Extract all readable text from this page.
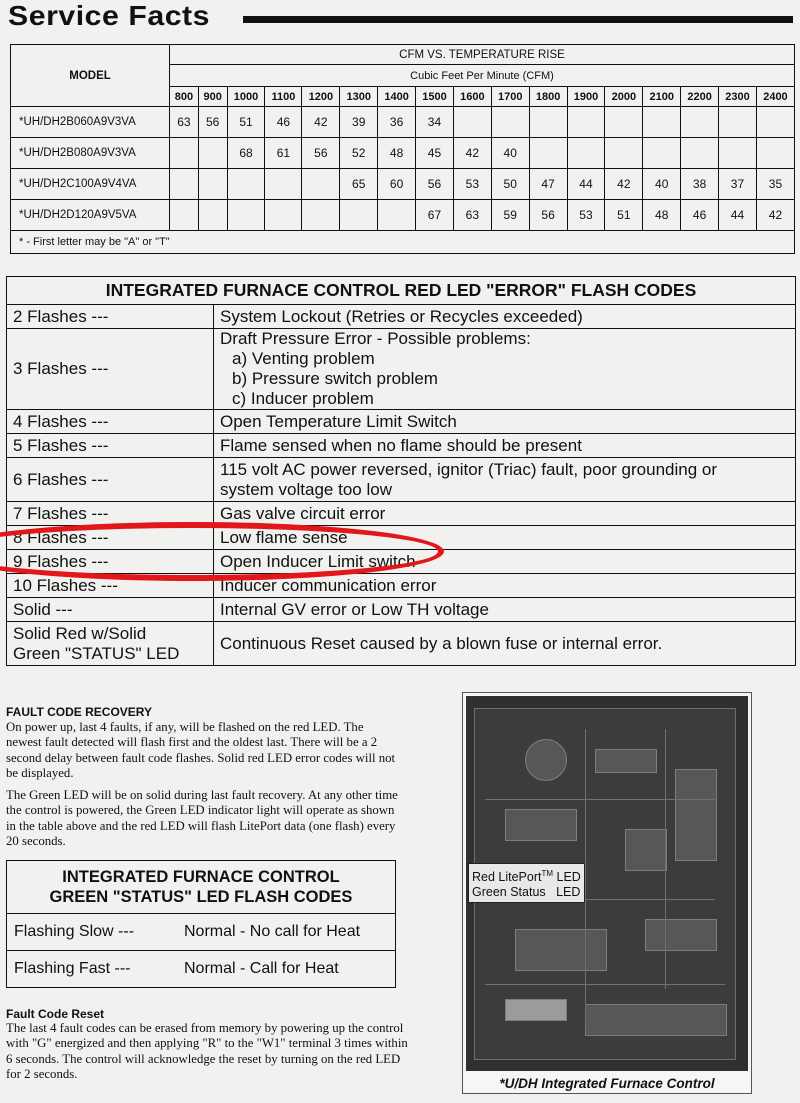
Service Facts
MODEL	CFM VS. TEMPERATURE RISE																
	Cubic Feet Per Minute (CFM)																
	800	900	1000	1100	1200	1300	1400	1500	1600	1700	1800	1900	2000	2100	2200	2300	2400
*UH/DH2B060A9V3VA	63	56	51	46	42	39	36	34									
*UH/DH2B080A9V3VA			68	61	56	52	48	45	42	40							
*UH/DH2C100A9V4VA						65	60	56	53	50	47	44	42	40	38	37	35
*UH/DH2D120A9V5VA								67	63	59	56	53	51	48	46	44	42
* - First letter may be "A" or "T"																	
INTEGRATED FURNACE CONTROL RED LED "ERROR" FLASH CODES	

2 Flashes ---	System Lockout (Retries or Recycles exceeded)

3 Flashes ---	Draft Pressure Error - Possible problems:
a) Venting problem
b) Pressure switch problem
c) Inducer problem

4 Flashes ---	Open Temperature Limit Switch

5 Flashes ---	Flame sensed when no flame should be present

6 Flashes ---	115 volt AC power reversed, ignitor (Triac) fault, poor grounding or
system voltage too low

7 Flashes ---	Gas valve circuit error

8 Flashes ---	Low flame sense

9 Flashes ---	Open Inducer Limit switch

10 Flashes ---	Inducer communication error

Solid ---	Internal GV error or Low TH voltage

Solid Red w/Solid
Green "STATUS" LED	Continuous Reset caused by a blown fuse or internal error.
FAULT CODE RECOVERY
On power up, last 4 faults, if any, will be flashed on the red LED. The newest fault detected will flash first and the oldest last. There will be a 2 second delay between fault code flashes. Solid red LED error codes will not be displayed.
The Green LED will be on solid during last fault recovery. At any other time the control is powered, the Green LED indicator light will operate as shown in the table above and the red LED will flash LitePort data (one flash) every 20 seconds.
INTEGRATED FURNACE CONTROL
GREEN "STATUS" LED FLASH CODES

Flashing Slow ---	Normal - No call for Heat
Flashing Fast ---	Normal - Call for Heat
Fault Code Reset
The last 4 fault codes can be erased from memory by powering up the control with "G" energized and then applying "R" to the "W1" terminal 3 times within 6 seconds. The control will acknowledge the reset by turning on the red LED for 2 seconds.
Red LitePort™ LED
Green Status   LED
*U/DH Integrated Furnace Control
